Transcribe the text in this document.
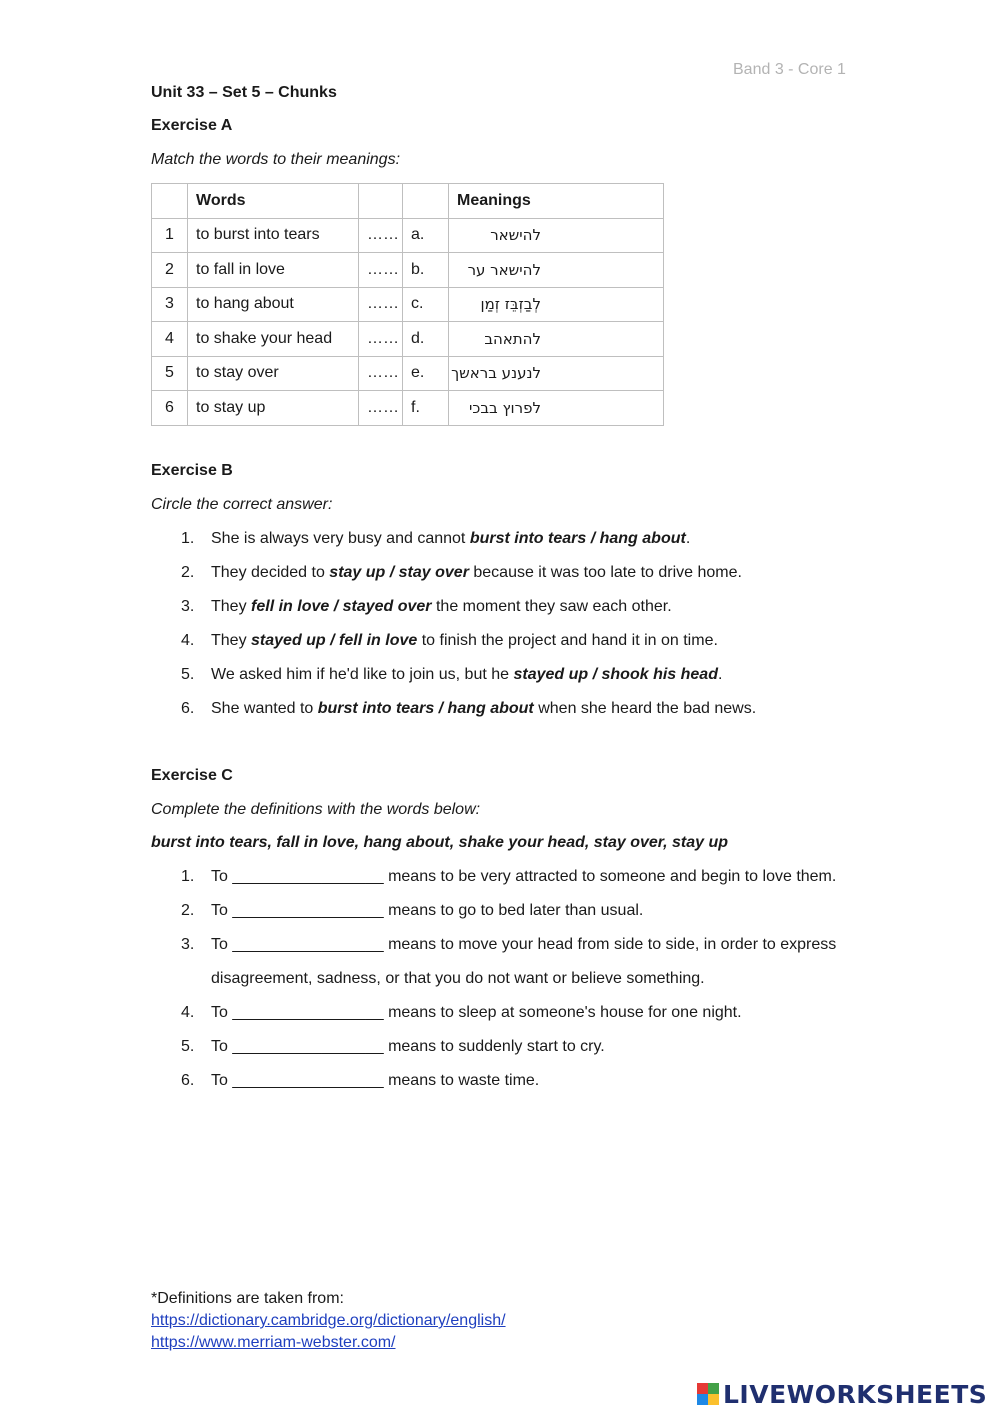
Band 3 - Core 1
Unit 33 – Set 5 – Chunks
Exercise A
Match the words to their meanings:
	Words			Meanings
1	to burst into tears	……	a.	להישאר
2	to fall in love	……	b.	להישאר ער
3	to hang about	……	c.	לְבַזְבֵּז זְמַן
4	to shake your head	……	d.	להתאהב
5	to stay over	……	e.	לנענע בראשך
6	to stay up	……	f.	לפרוץ בבכי
Exercise B
Circle the correct answer:
1. She is always very busy and cannot burst into tears / hang about.
2. They decided to stay up / stay over because it was too late to drive home.
3. They fell in love / stayed over the moment they saw each other.
4. They stayed up / fell in love to finish the project and hand it in on time.
5. We asked him if he'd like to join us, but he stayed up / shook his head.
6. She wanted to burst into tears / hang about when she heard the bad news.
Exercise C
Complete the definitions with the words below:
burst into tears, fall in love, hang about, shake your head, stay over, stay up
1. To _________________ means to be very attracted to someone and begin to love them.
2. To _________________ means to go to bed later than usual.
3. To _________________ means to move your head from side to side, in order to express disagreement, sadness, or that you do not want or believe something.
4. To _________________ means to sleep at someone's house for one night.
5. To _________________ means to suddenly start to cry.
6. To _________________ means to waste time.
*Definitions are taken from:
https://dictionary.cambridge.org/dictionary/english/
https://www.merriam-webster.com/
LIVEWORKSHEETS
